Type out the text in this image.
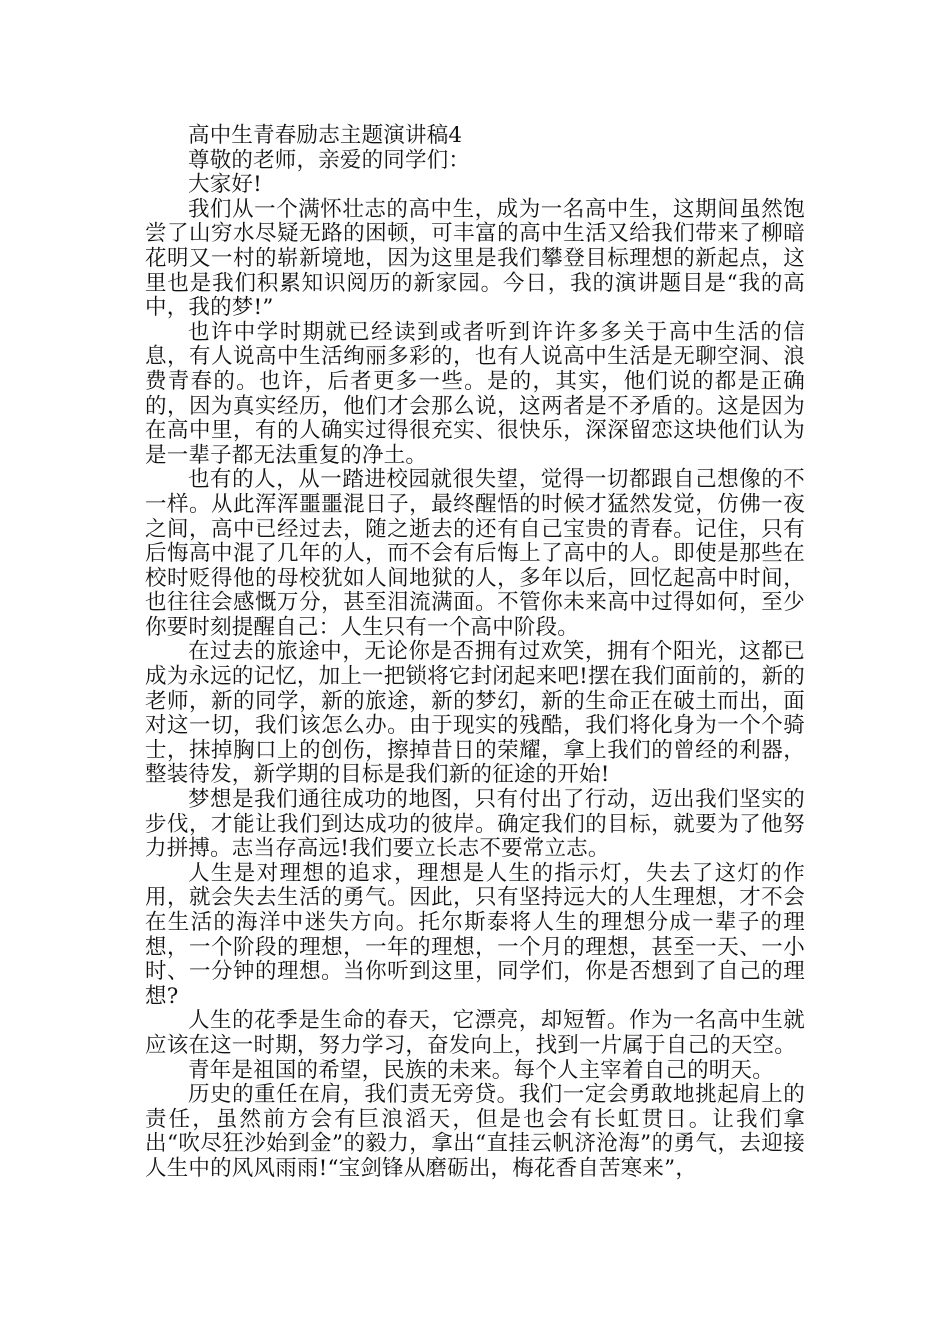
高中生青春励志主题演讲稿4

尊敬的老师，亲爱的同学们：

大家好!

我们从一个满怀壮志的高中生，成为一名高中生，这期间虽然饱尝了山穷水尽疑无路的困顿，可丰富的高中生活又给我们带来了柳暗花明又一村的崭新境地，因为这里是我们攀登目标理想的新起点，这里也是我们积累知识阅历的新家园。今日，我的演讲题目是“我的高中，我的梦!”

也许中学时期就已经读到或者听到许许多多关于高中生活的信息，有人说高中生活绚丽多彩的，也有人说高中生活是无聊空洞、浪费青春的。也许，后者更多一些。是的，其实，他们说的都是正确的，因为真实经历，他们才会那么说，这两者是不矛盾的。这是因为在高中里，有的人确实过得很充实、很快乐，深深留恋这块他们认为是一辈子都无法重复的净土。

也有的人，从一踏进校园就很失望，觉得一切都跟自己想像的不一样。从此浑浑噩噩混日子，最终醒悟的时候才猛然发觉，仿佛一夜之间，高中已经过去，随之逝去的还有自己宝贵的青春。记住，只有后悔高中混了几年的人，而不会有后悔上了高中的人。即使是那些在校时贬得他的母校犹如人间地狱的人，多年以后，回忆起高中时间，也往往会感慨万分，甚至泪流满面。不管你未来高中过得如何，至少你要时刻提醒自己：人生只有一个高中阶段。

在过去的旅途中，无论你是否拥有过欢笑，拥有个阳光，这都已成为永远的记忆，加上一把锁将它封闭起来吧!摆在我们面前的，新的老师，新的同学，新的旅途，新的梦幻，新的生命正在破土而出，面对这一切，我们该怎么办。由于现实的残酷，我们将化身为一个个骑士，抹掉胸口上的创伤，擦掉昔日的荣耀，拿上我们的曾经的利器，整装待发，新学期的目标是我们新的征途的开始!

梦想是我们通往成功的地图，只有付出了行动，迈出我们坚实的步伐，才能让我们到达成功的彼岸。确定我们的目标，就要为了他努力拼搏。志当存高远!我们要立长志不要常立志。

人生是对理想的追求，理想是人生的指示灯，失去了这灯的作用，就会失去生活的勇气。因此，只有坚持远大的人生理想，才不会在生活的海洋中迷失方向。托尔斯泰将人生的理想分成一辈子的理想，一个阶段的理想，一年的理想，一个月的理想，甚至一天、一小时、一分钟的理想。当你听到这里，同学们，你是否想到了自己的理想?

人生的花季是生命的春天，它漂亮，却短暂。作为一名高中生就应该在这一时期，努力学习，奋发向上，找到一片属于自己的天空。

青年是祖国的希望，民族的未来。每个人主宰着自己的明天。

历史的重任在肩，我们责无旁贷。我们一定会勇敢地挑起肩上的责任，虽然前方会有巨浪滔天，但是也会有长虹贯日。让我们拿出“吹尽狂沙始到金”的毅力，拿出“直挂云帆济沧海”的勇气，去迎接人生中的风风雨雨!“宝剑锋从磨砺出，梅花香自苦寒来”，
